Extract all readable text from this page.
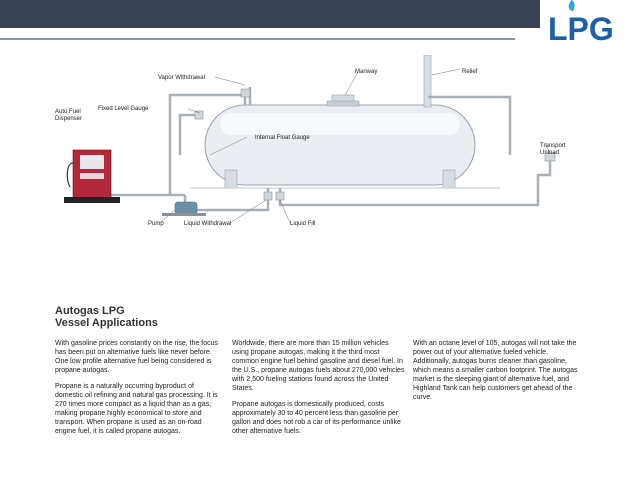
LPG
Vapor Withdrawal
Manway	Relief
Fixed Level Gauge
Auto Fuel Dispenser
Internal Float Gauge
Transport Unload
Pump	Liquid Withdrawal	Liquid Fill
Autogas LPG
Vessel Applications

With gasoline prices constantly on the rise, the focus has been put on alternative fuels like never before. One low profile alternative fuel being considered is propane autogas.

Propane is a naturally occurring byproduct of domestic oil refining and natural gas processing. It is 270 times more compact as a liquid than as a gas, making propane highly economical to store and transport. When propane is used as an on-road engine fuel, it is called propane autogas.

Worldwide, there are more than 15 million vehicles using propane autogas, making it the third most common engine fuel behind gasoline and diesel fuel. In the U.S., propane autogas fuels about 270,000 vehicles with 2,500 fueling stations found across the United States.

Propane autogas is domestically produced, costs approximately 30 to 40 percent less than gasoline per gallon and does not rob a car of its performance unlike other alternative fuels.

With an octane level of 105, autogas will not take the power out of your alternative fueled vehicle. Additionally, autogas burns cleaner than gasoline, which means a smaller carbon footprint. The autogas market is the sleeping giant of alternative fuel, and Highland Tank can help customers get ahead of the curve.
